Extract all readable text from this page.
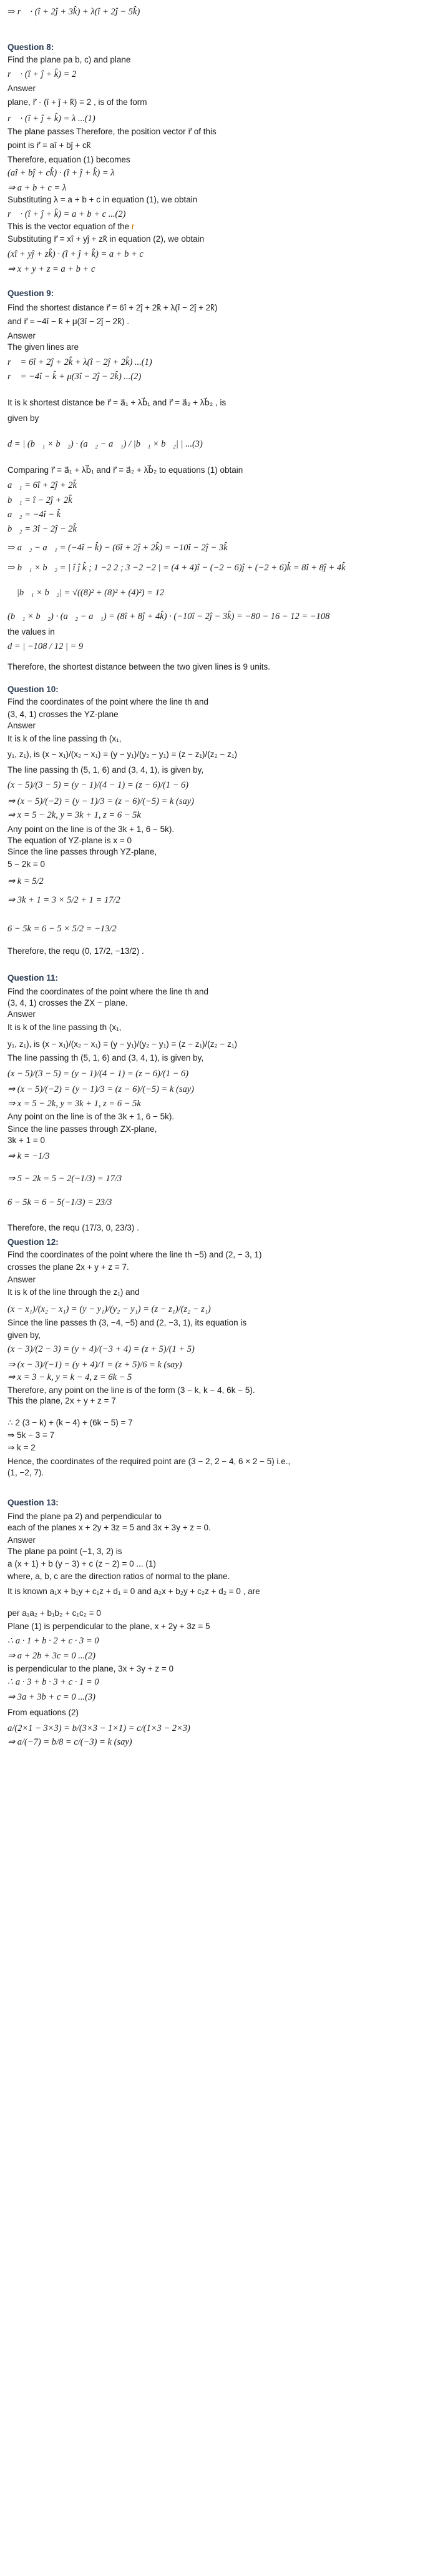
⇒ r⃗ · (î + 2ĵ + 3k̂) + λ(î + 2ĵ − 5k̂)
Question 8:
Find the plane pa b, c) and plane
r⃗ · (î + ĵ + k̂) = 2
Answer
plane, r⃗ · (î + ĵ + k̂) = 2 , is of the form
r⃗ · (î + ĵ + k̂) = λ ...(1)
The plane passes Therefore, the position vector r⃗ of this
point is r⃗ = aî + bĵ + ck̂
Therefore, equation (1) becomes
(aî + bĵ + ck̂) · (î + ĵ + k̂) = λ
⇒ a + b + c = λ
Substituting λ = a + b + c in equation (1), we obtain
r⃗ · (î + ĵ + k̂) = a + b + c ...(2)
This is the vector equation of the r
Substituting r⃗ = xî + yĵ + zk̂ in equation (2), we obtain
(xî + yĵ + zk̂) · (î + ĵ + k̂) = a + b + c
⇒ x + y + z = a + b + c
Question 9:
Find the shortest distance r⃗ = 6î + 2ĵ + 2k̂ + λ(î − 2ĵ + 2k̂)
and r⃗ = −4î − k̂ + μ(3î − 2ĵ − 2k̂) .
Answer
The given lines are
r⃗ = 6î + 2ĵ + 2k̂ + λ(î − 2ĵ + 2k̂) ...(1)
r⃗ = −4î − k̂ + μ(3î − 2ĵ − 2k̂) ...(2)
It is k shortest distance be r⃗ = a⃗₁ + λb⃗₁ and r⃗ = a⃗₂ + λb⃗₂ , is
given by
d = | (b⃗₁ × b⃗₂) · (a⃗₂ − a⃗₁) / |b⃗₁ × b⃗₂| | ...(3)
Comparing r⃗ = a⃗₁ + λb⃗₁ and r⃗ = a⃗₂ + λb⃗₂ to equations (1) obtain
a⃗₁ = 6î + 2ĵ + 2k̂
b⃗₁ = î − 2ĵ + 2k̂
a⃗₂ = −4î − k̂
b⃗₂ = 3î − 2ĵ − 2k̂
⇒ a⃗₂ − a⃗₁ = (−4î − k̂) − (6î + 2ĵ + 2k̂) = −10î − 2ĵ − 3k̂
⇒ b⃗₁ × b⃗₂ = | î ĵ k̂ ; 1 −2 2 ; 3 −2 −2 | = (4 + 4)î − (−2 − 6)ĵ + (−2 + 6)k̂ = 8î + 8ĵ + 4k̂
∴ |b⃗₁ × b⃗₂| = √((8)² + (8)² + (4)²) = 12
(b⃗₁ × b⃗₂) · (a⃗₂ − a⃗₁) = (8î + 8ĵ + 4k̂) · (−10î − 2ĵ − 3k̂) = −80 − 16 − 12 = −108
the values in
d = | −108 / 12 | = 9
Therefore, the shortest distance between the two given lines is 9 units.
Question 10:
Find the coordinates of the point where the line th and
(3, 4, 1) crosses the YZ-plane
Answer
It is k of the line passing th (x₁,
y₁, z₁), is (x − x₁)/(x₂ − x₁) = (y − y₁)/(y₂ − y₁) = (z − z₁)/(z₂ − z₁)
The line passing th (5, 1, 6) and (3, 4, 1), is given by,
(x − 5)/(3 − 5) = (y − 1)/(4 − 1) = (z − 6)/(1 − 6)
⇒ (x − 5)/(−2) = (y − 1)/3 = (z − 6)/(−5) = k (say)
⇒ x = 5 − 2k, y = 3k + 1, z = 6 − 5k
Any point on the line is of the 3k + 1, 6 − 5k).
The equation of YZ-plane is x = 0
Since the line passes through YZ-plane,
5 − 2k = 0
⇒ k = 5/2
⇒ 3k + 1 = 3 × 5/2 + 1 = 17/2
6 − 5k = 6 − 5 × 5/2 = −13/2
Therefore, the requ (0, 17/2, −13/2) .
Question 11:
Find the coordinates of the point where the line th and
(3, 4, 1) crosses the ZX − plane.
Answer
It is k of the line passing th (x₁,
y₁, z₁), is (x − x₁)/(x₂ − x₁) = (y − y₁)/(y₂ − y₁) = (z − z₁)/(z₂ − z₁)
The line passing th (5, 1, 6) and (3, 4, 1), is given by,
(x − 5)/(3 − 5) = (y − 1)/(4 − 1) = (z − 6)/(1 − 6)
⇒ (x − 5)/(−2) = (y − 1)/3 = (z − 6)/(−5) = k (say)
⇒ x = 5 − 2k, y = 3k + 1, z = 6 − 5k
Any point on the line is of the 3k + 1, 6 − 5k).
Since the line passes through ZX-plane,
3k + 1 = 0
⇒ k = −1/3
⇒ 5 − 2k = 5 − 2(−1/3) = 17/3
6 − 5k = 6 − 5(−1/3) = 23/3
Therefore, the requ (17/3, 0, 23/3) .
Question 12:
Find the coordinates of the point where the line th −5) and (2, − 3, 1)
crosses the plane 2x + y + z = 7.
Answer
It is k of the line through the z₁) and
(x − x₁)/(x₂ − x₁) = (y − y₁)/(y₂ − y₁) = (z − z₁)/(z₂ − z₁)
Since the line passes th (3, −4, −5) and (2, −3, 1), its equation is
given by,
(x − 3)/(2 − 3) = (y + 4)/(−3 + 4) = (z + 5)/(1 + 5)
⇒ (x − 3)/(−1) = (y + 4)/1 = (z + 5)/6 = k (say)
⇒ x = 3 − k, y = k − 4, z = 6k − 5
Therefore, any point on the line is of the form (3 − k, k − 4, 6k − 5).
This the plane, 2x + y + z = 7
∴ 2 (3 − k) + (k − 4) + (6k − 5) = 7
⇒ 5k − 3 = 7
⇒ k = 2
Hence, the coordinates of the required point are (3 − 2, 2 − 4, 6 × 2 − 5) i.e.,
(1, −2, 7).
Question 13:
Find the plane pa 2) and perpendicular to
each of the planes x + 2y + 3z = 5 and 3x + 3y + z = 0.
Answer
The plane pa point (−1, 3, 2) is
a (x + 1) + b (y − 3) + c (z − 2) = 0 ... (1)
where, a, b, c are the direction ratios of normal to the plane.
It is known a₁x + b₁y + c₁z + d₁ = 0 and a₂x + b₂y + c₂z + d₂ = 0 , are
per a₁a₂ + b₁b₂ + c₁c₂ = 0
Plane (1) is perpendicular to the plane, x + 2y + 3z = 5
∴ a · 1 + b · 2 + c · 3 = 0
⇒ a + 2b + 3c = 0 ...(2)
is perpendicular to the plane, 3x + 3y + z = 0
∴ a · 3 + b · 3 + c · 1 = 0
⇒ 3a + 3b + c = 0 ...(3)
From equations (2)
a/(2×1 − 3×3) = b/(3×3 − 1×1) = c/(1×3 − 2×3)
⇒ a/(−7) = b/8 = c/(−3) = k (say)
